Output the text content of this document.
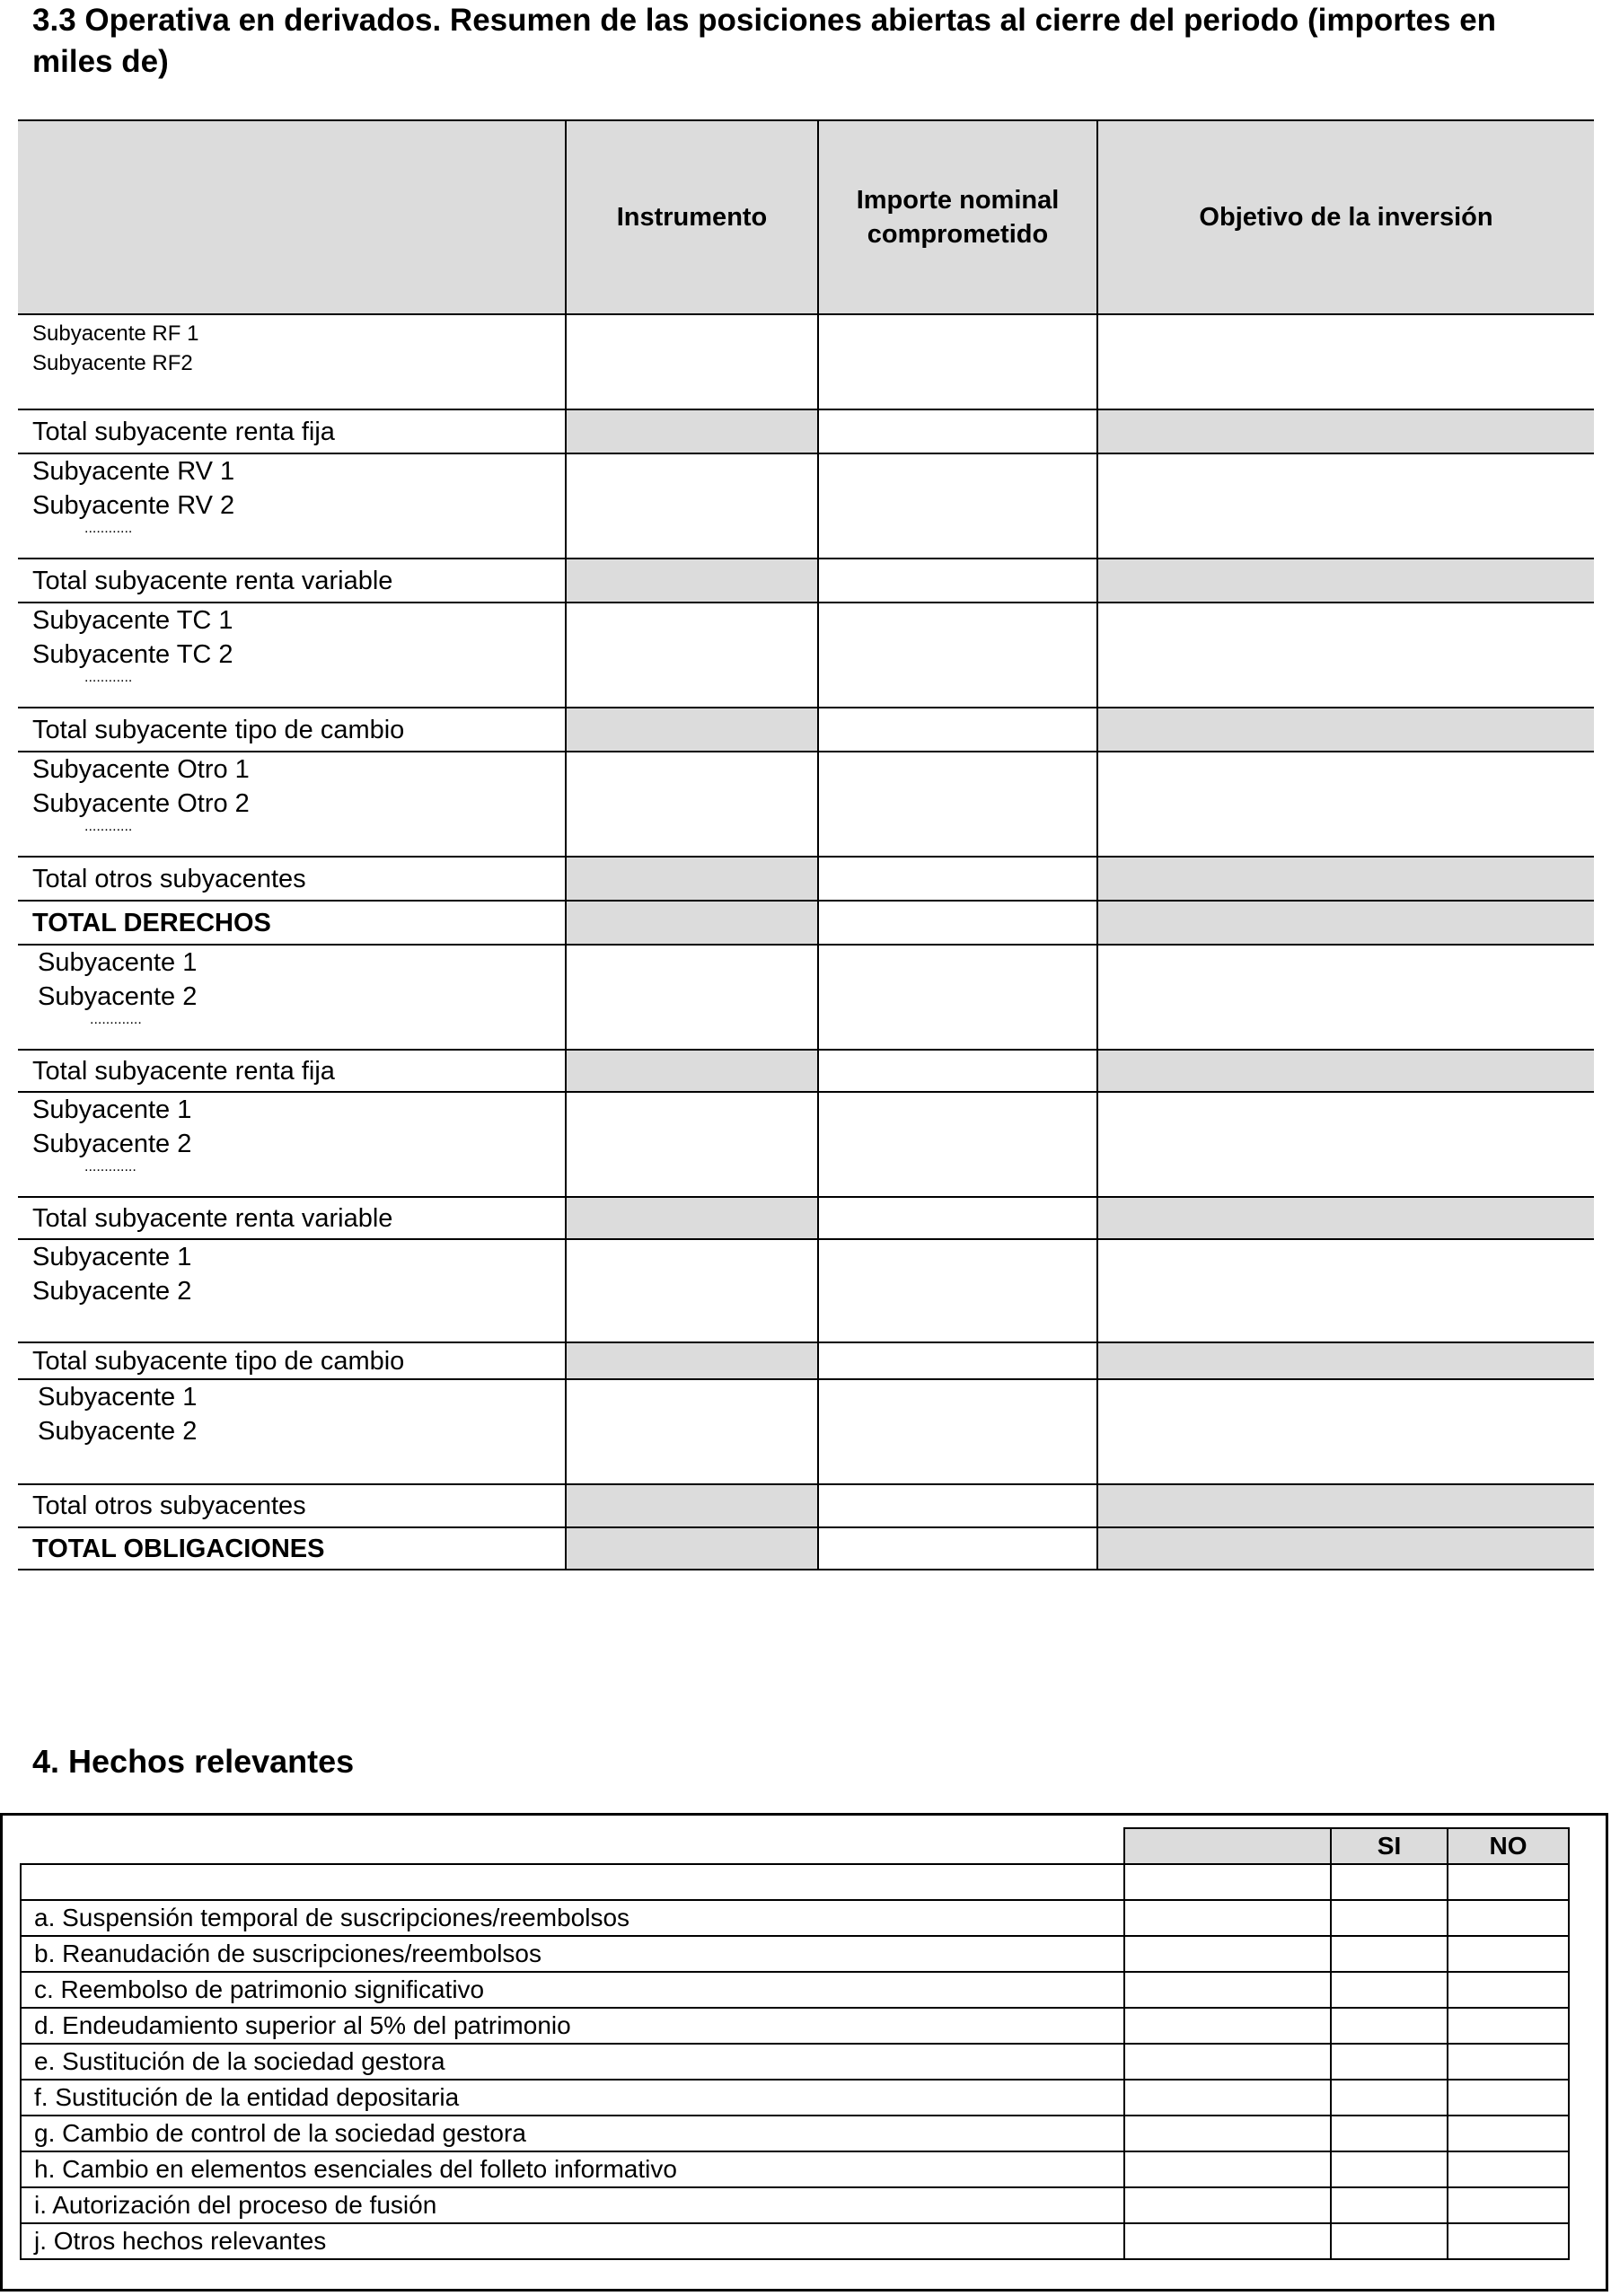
3.3 Operativa en derivados. Resumen de las posiciones abiertas al cierre del periodo (importes en miles de)
	Instrumento	Importe nominal comprometido	Objetivo de la inversión
Subyacente RF 1
Subyacente RF2			
Total subyacente renta fija			
Subyacente RV 1
Subyacente RV 2
............			

Total subyacente renta variable			
Subyacente TC 1
Subyacente TC 2
............			

Total subyacente tipo de cambio			
Subyacente Otro 1
Subyacente Otro 2
............			

Total otros subyacentes			
TOTAL DERECHOS			
Subyacente 1
Subyacente 2
.............			

Total subyacente renta fija			
Subyacente 1
Subyacente 2
.............			

Total subyacente renta variable			
Subyacente 1
Subyacente 2			
Total subyacente tipo de cambio			
Subyacente 1
Subyacente 2			
Total otros subyacentes			
TOTAL OBLIGACIONES			
4. Hechos relevantes
		SI	NO

a. Suspensión temporal de suscripciones/reembolsos			
b. Reanudación de suscripciones/reembolsos			
c. Reembolso de patrimonio significativo			
d. Endeudamiento superior al 5% del patrimonio			
e. Sustitución de la sociedad gestora			
f. Sustitución de la entidad depositaria			
g. Cambio de control de la sociedad gestora			
h. Cambio en elementos esenciales del folleto informativo			
i. Autorización del proceso de fusión			
j. Otros hechos relevantes			
